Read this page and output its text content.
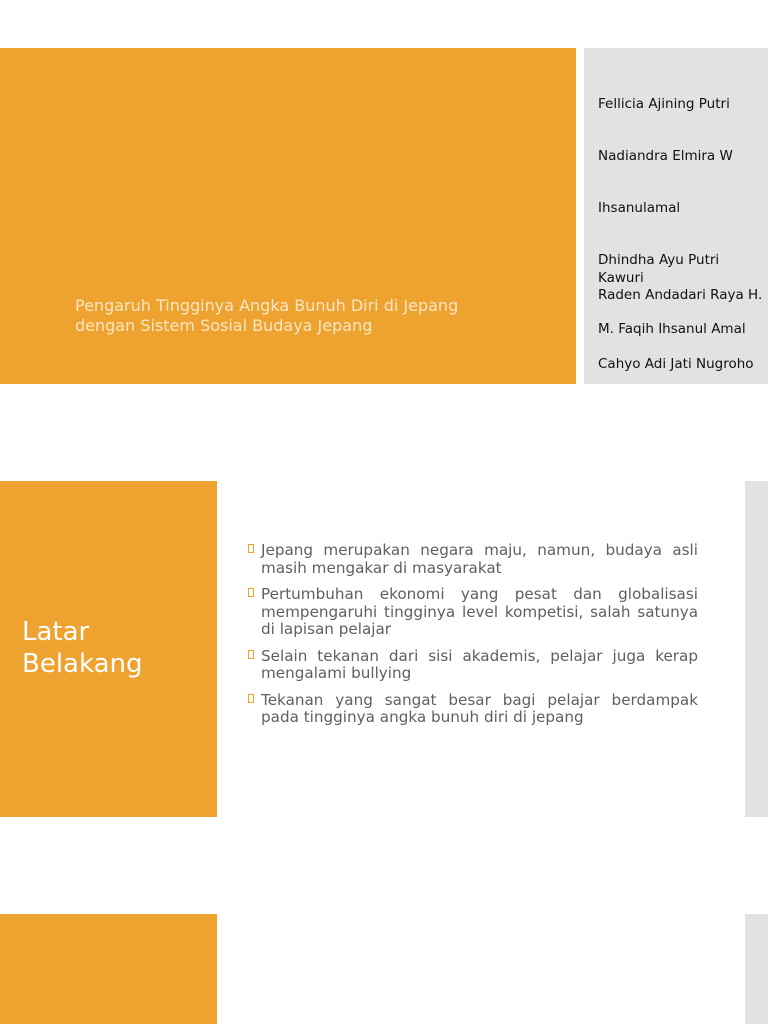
Pengaruh Tingginya Angka Bunuh Diri di Jepang dengan Sistem Sosial Budaya Jepang
Fellicia Ajining Putri
Nadiandra Elmira W
Ihsanulamal
Dhindha Ayu Putri Kawuri
Raden Andadari Raya H.
M. Faqih Ihsanul Amal
Cahyo Adi Jati Nugroho
Latar Belakang
Jepang merupakan negara maju, namun, budaya asli masih mengakar di masyarakat
Pertumbuhan ekonomi yang pesat dan globalisasi mempengaruhi tingginya level kompetisi, salah satunya di lapisan pelajar
Selain tekanan dari sisi akademis, pelajar juga kerap mengalami bullying
Tekanan yang sangat besar bagi pelajar berdampak pada tingginya angka bunuh diri di jepang
